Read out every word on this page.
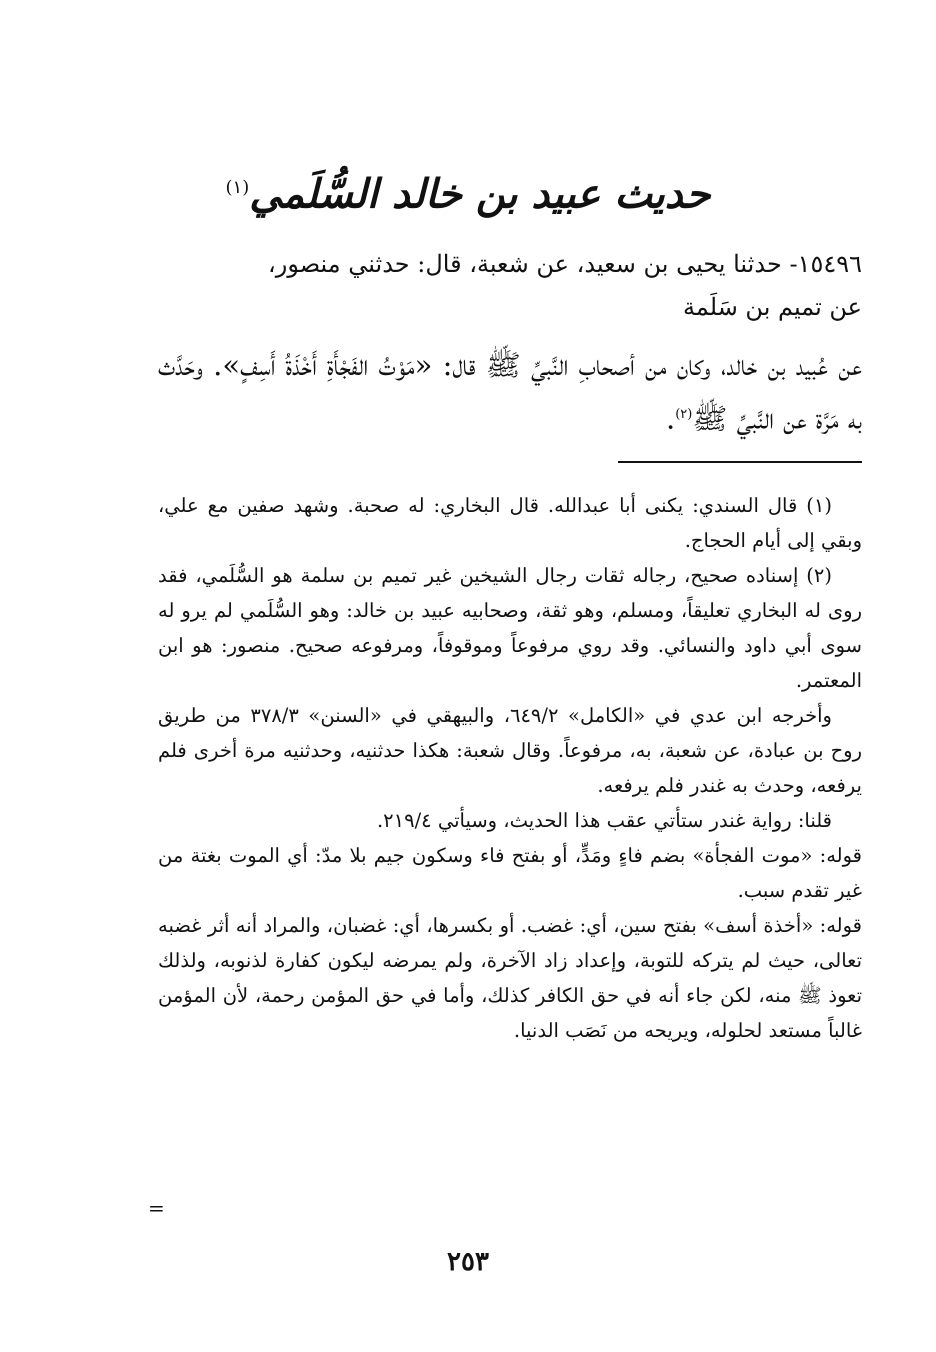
حديث عبيد بن خالد السُّلَمي$^{(١)}$
١٥٤٩٦- حدثنا يحيى بن سعيد، عن شعبة، قال: حدثني منصور،
عن تميم بن سَلَمة
عن عُبيد بن خالد، وكان من أصحابِ النَّبيِّ ﷺ قال: «مَوْتُ الفَجْأَةِ أَخْذَةُ أَسِفٍ». وحَدَّث به مَرَّة عن النَّبيِّ ﷺ$^{(٢)}$.

(١) قال السندي: يكنى أبا عبدالله. قال البخاري: له صحبة. وشهد صفين مع علي، وبقي إلى أيام الحجاج.

(٢) إسناده صحيح، رجاله ثقات رجال الشيخين غير تميم بن سلمة هو السُّلَمي، فقد روى له البخاري تعليقاً، ومسلم، وهو ثقة، وصحابيه عبيد بن خالد: وهو السُّلَمي لم يرو له سوى أبي داود والنسائي. وقد روي مرفوعاً وموقوفاً، ومرفوعه صحيح. منصور: هو ابن المعتمر.

وأخرجه ابن عدي في «الكامل» ٦٤٩/٢، والبيهقي في «السنن» ٣٧٨/٣ من طريق روح بن عبادة، عن شعبة، به، مرفوعاً. وقال شعبة: هكذا حدثنيه، وحدثنيه مرة أخرى فلم يرفعه، وحدث به غندر فلم يرفعه.

قلنا: رواية غندر ستأتي عقب هذا الحديث، وسيأتي ٢١٩/٤.

قوله: «موت الفجأة» بضم فاءٍ ومَدٍّ، أو بفتح فاء وسكون جيم بلا مدّ: أي الموت بغتة من غير تقدم سبب.

قوله: «أخذة أسف» بفتح سين، أي: غضب. أو بكسرها، أي: غضبان، والمراد أنه أثر غضبه تعالى، حيث لم يتركه للتوبة، وإعداد زاد الآخرة، ولم يمرضه ليكون كفارة لذنوبه، ولذلك تعوذ ﷺ منه، لكن جاء أنه في حق الكافر كذلك، وأما في حق المؤمن رحمة، لأن المؤمن غالباً مستعد لحلوله، ويريحه من نَصَب الدنيا.

=
٢٥٣
